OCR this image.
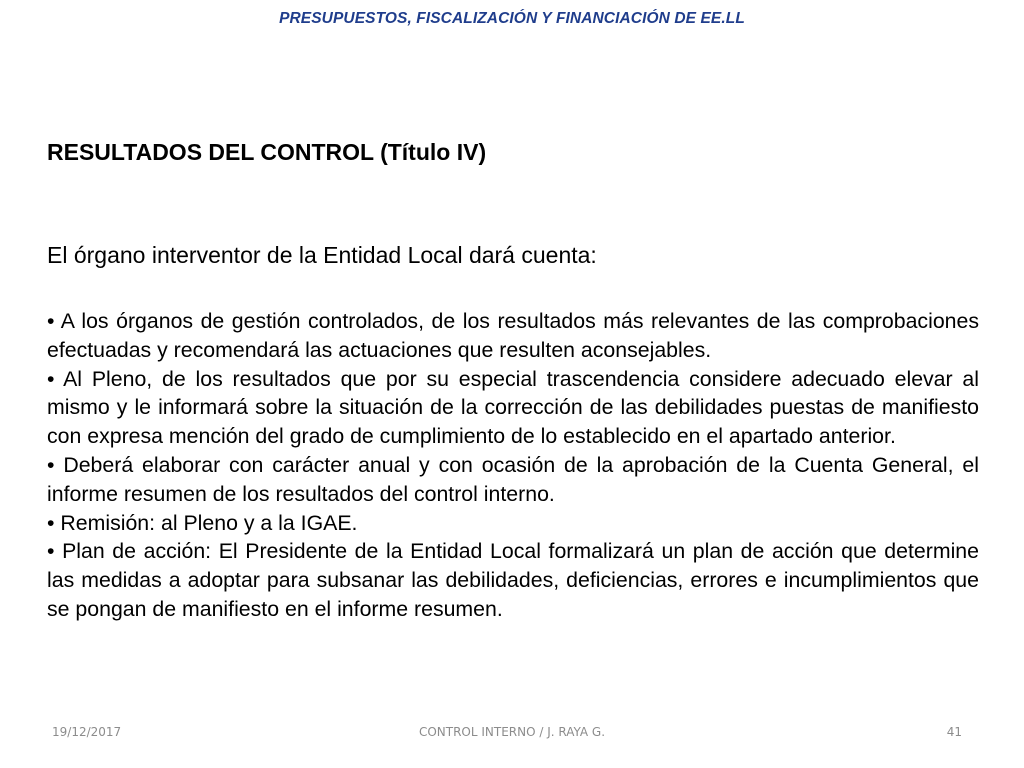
PRESUPUESTOS, FISCALIZACIÓN Y FINANCIACIÓN DE EE.LL
RESULTADOS DEL CONTROL (Título IV)
El órgano interventor de la Entidad Local dará cuenta:

• A los órganos de gestión controlados, de los resultados más relevantes de las comprobaciones efectuadas y recomendará las actuaciones que resulten aconsejables.

• Al Pleno, de los resultados que por su especial trascendencia considere adecuado elevar al mismo y le informará sobre la situación de la corrección de las debilidades puestas de manifiesto con expresa mención del grado de cumplimiento de lo establecido en el apartado anterior.

• Deberá elaborar con carácter anual y con ocasión de la aprobación de la Cuenta General, el informe resumen de los resultados del control interno.

• Remisión: al Pleno y a la IGAE.

• Plan de acción: El Presidente de la Entidad Local formalizará un plan de acción que determine las medidas a adoptar para subsanar las debilidades, deficiencias, errores e incumplimientos que se pongan de manifiesto en el informe resumen.

19/12/2017	CONTROL INTERNO / J. RAYA G.	41
